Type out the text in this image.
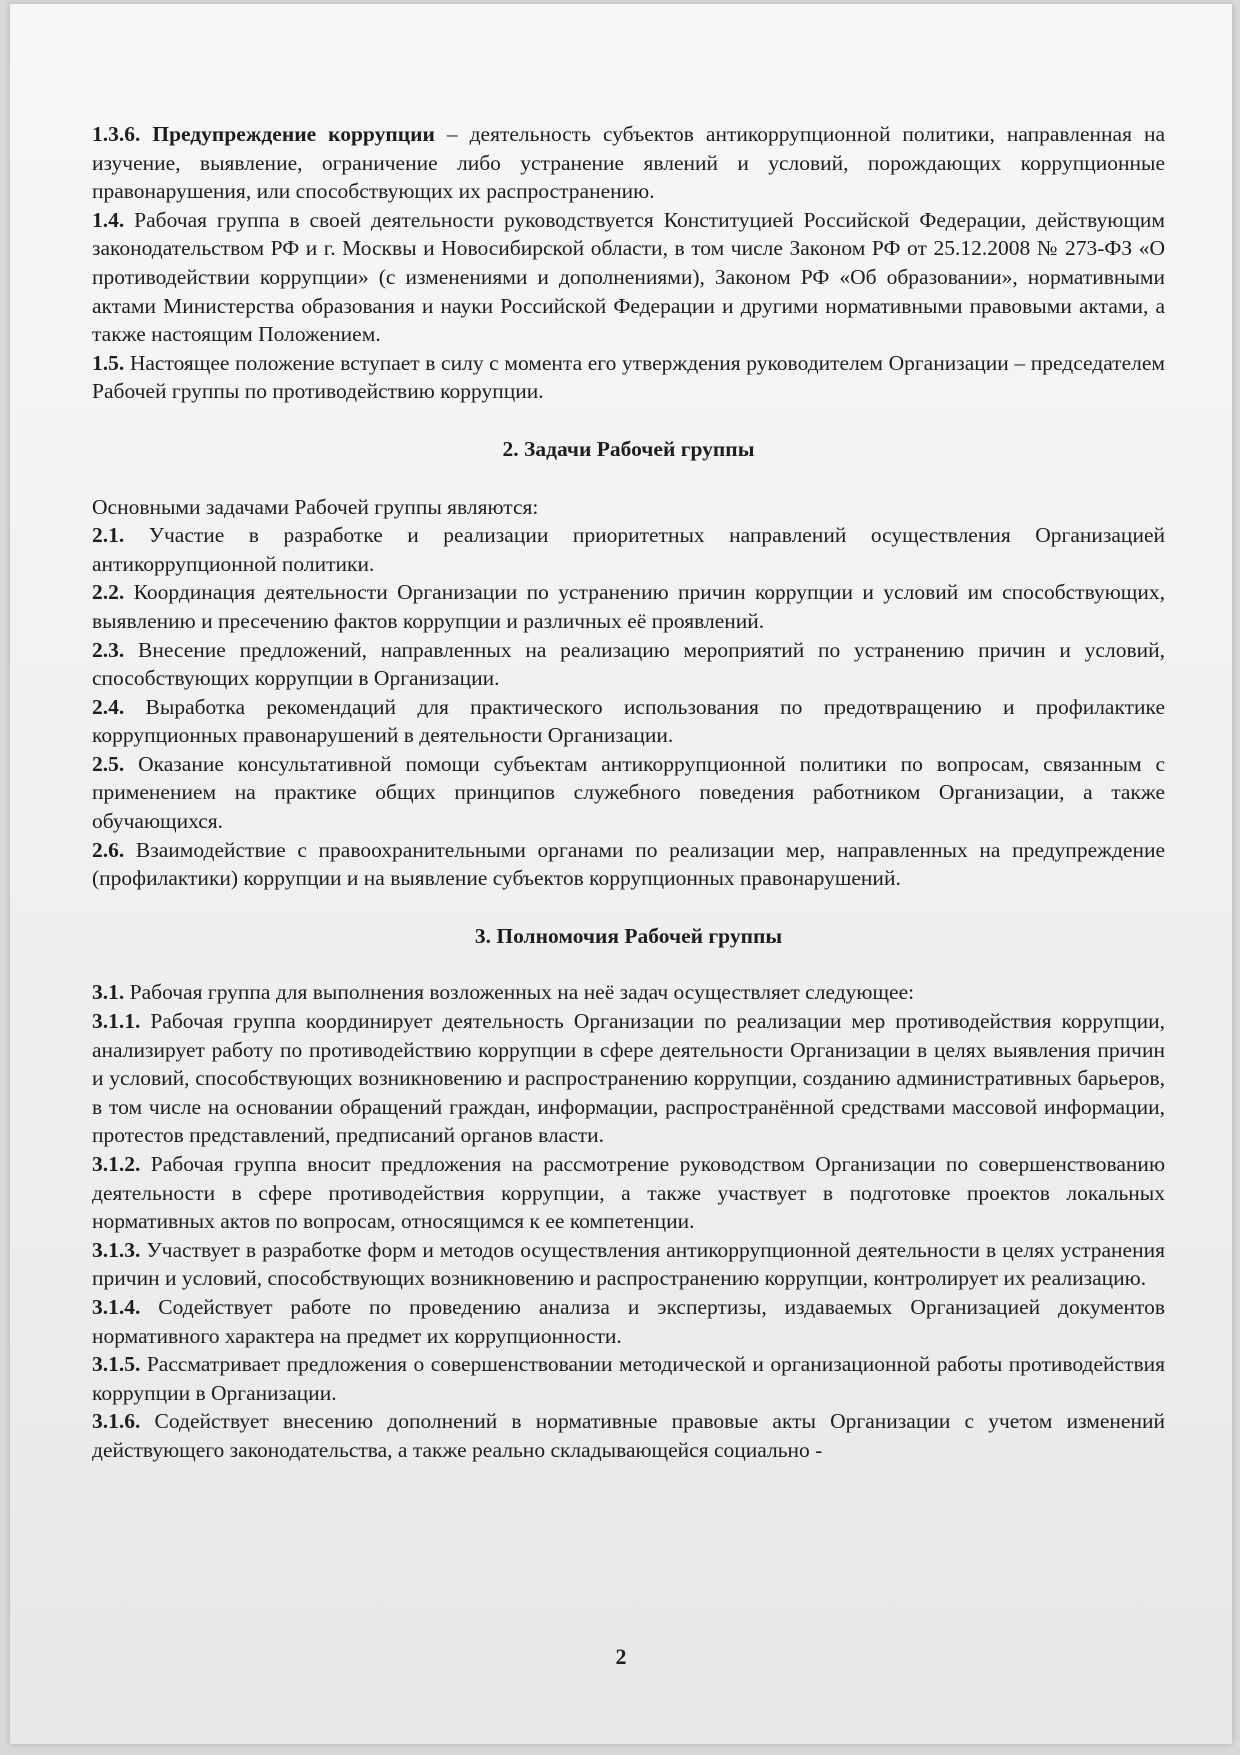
1.3.6. Предупреждение коррупции – деятельность субъектов антикоррупционной политики, направленная на изучение, выявление, ограничение либо устранение явлений и условий, порождающих коррупционные правонарушения, или способствующих их распространению.

1.4. Рабочая группа в своей деятельности руководствуется Конституцией Российской Федерации, действующим законодательством РФ и г. Москвы и Новосибирской области, в том числе Законом РФ от 25.12.2008 № 273-ФЗ «О противодействии коррупции» (с изменениями и дополнениями), Законом РФ «Об образовании», нормативными актами Министерства образования и науки Российской Федерации и другими нормативными правовыми актами, а также настоящим Положением.

1.5. Настоящее положение вступает в силу с момента его утверждения руководителем Организации – председателем Рабочей группы по противодействию коррупции.

2. Задачи Рабочей группы

Основными задачами Рабочей группы являются:

2.1. Участие в разработке и реализации приоритетных направлений осуществления Организацией антикоррупционной политики.

2.2. Координация деятельности Организации по устранению причин коррупции и условий им способствующих, выявлению и пресечению фактов коррупции и различных её проявлений.

2.3. Внесение предложений, направленных на реализацию мероприятий по устранению причин и условий, способствующих коррупции в Организации.

2.4. Выработка рекомендаций для практического использования по предотвращению и профилактике коррупционных правонарушений в деятельности Организации.

2.5. Оказание консультативной помощи субъектам антикоррупционной политики по вопросам, связанным с применением на практике общих принципов служебного поведения работником Организации, а также обучающихся.

2.6. Взаимодействие с правоохранительными органами по реализации мер, направленных на предупреждение (профилактики) коррупции и на выявление субъектов коррупционных правонарушений.

3. Полномочия Рабочей группы

3.1. Рабочая группа для выполнения возложенных на неё задач осуществляет следующее:

3.1.1. Рабочая группа координирует деятельность Организации по реализации мер противодействия коррупции, анализирует работу по противодействию коррупции в сфере деятельности Организации в целях выявления причин и условий, способствующих возникновению и распространению коррупции, созданию административных барьеров, в том числе на основании обращений граждан, информации, распространённой средствами массовой информации, протестов представлений, предписаний органов власти.

3.1.2. Рабочая группа вносит предложения на рассмотрение руководством Организации по совершенствованию деятельности в сфере противодействия коррупции, а также участвует в подготовке проектов локальных нормативных актов по вопросам, относящимся к ее компетенции.

3.1.3. Участвует в разработке форм и методов осуществления антикоррупционной деятельности в целях устранения причин и условий, способствующих возникновению и распространению коррупции, контролирует их реализацию.

3.1.4. Содействует работе по проведению анализа и экспертизы, издаваемых Организацией документов нормативного характера на предмет их коррупционности.

3.1.5. Рассматривает предложения о совершенствовании методической и организационной работы противодействия коррупции в Организации.

3.1.6. Содействует внесению дополнений в нормативные правовые акты Организации с учетом изменений действующего законодательства, а также реально складывающейся социально -

2
